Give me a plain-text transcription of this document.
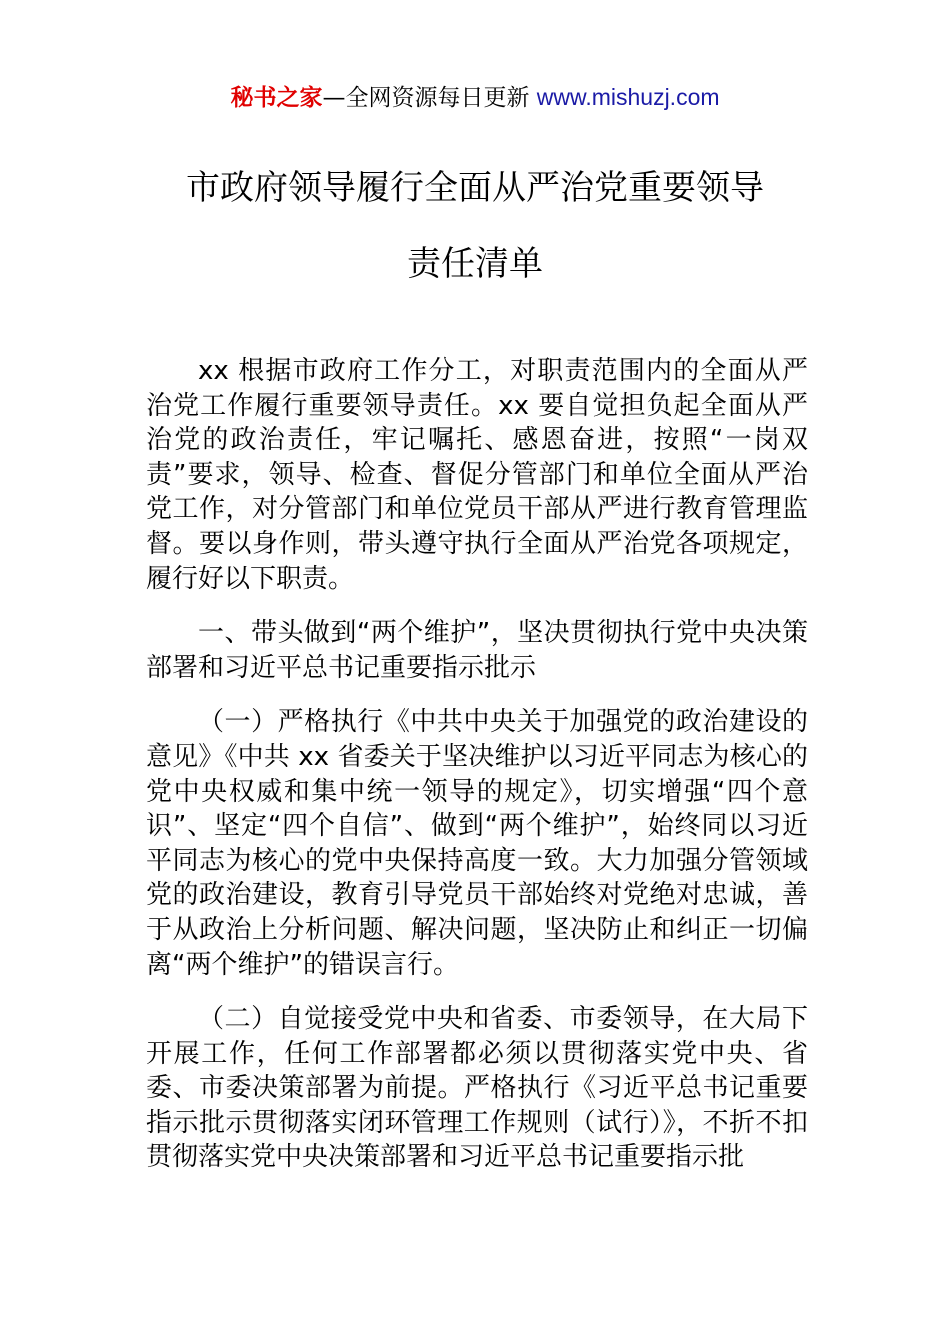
秘书之家—全网资源每日更新 www.mishuzj.com
市政府领导履行全面从严治党重要领导
责任清单

xx 根据市政府工作分工，对职责范围内的全面从严治党工作履行重要领导责任。xx 要自觉担负起全面从严治党的政治责任，牢记嘱托、感恩奋进，按照“一岗双责”要求，领导、检查、督促分管部门和单位全面从严治党工作，对分管部门和单位党员干部从严进行教育管理监督。要以身作则，带头遵守执行全面从严治党各项规定，履行好以下职责。

一、带头做到“两个维护”，坚决贯彻执行党中央决策部署和习近平总书记重要指示批示

（一）严格执行《中共中央关于加强党的政治建设的意见》《中共 xx 省委关于坚决维护以习近平同志为核心的党中央权威和集中统一领导的规定》，切实增强“四个意识”、坚定“四个自信”、做到“两个维护”，始终同以习近平同志为核心的党中央保持高度一致。大力加强分管领域党的政治建设，教育引导党员干部始终对党绝对忠诚，善于从政治上分析问题、解决问题，坚决防止和纠正一切偏离“两个维护”的错误言行。

（二）自觉接受党中央和省委、市委领导，在大局下开展工作，任何工作部署都必须以贯彻落实党中央、省委、市委决策部署为前提。严格执行《习近平总书记重要指示批示贯彻落实闭环管理工作规则（试行）》，不折不扣贯彻落实党中央决策部署和习近平总书记重要指示批
